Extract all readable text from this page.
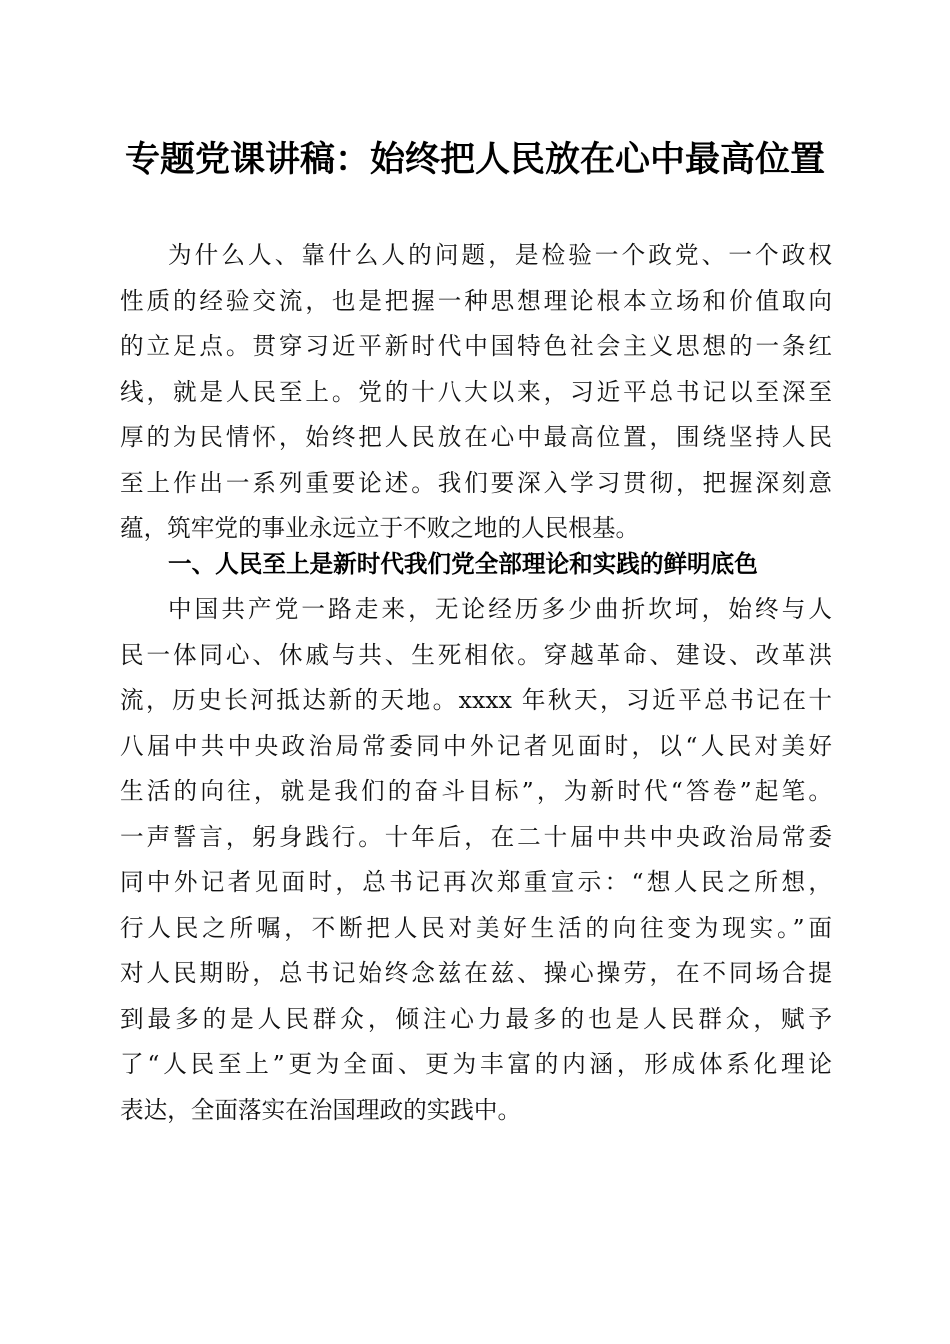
专题党课讲稿：始终把人民放在心中最高位置
为什么人、靠什么人的问题，是检验一个政党、一个政权
性质的经验交流，也是把握一种思想理论根本立场和价值取向
的立足点。贯穿习近平新时代中国特色社会主义思想的一条红
线，就是人民至上。党的十八大以来，习近平总书记以至深至
厚的为民情怀，始终把人民放在心中最高位置，围绕坚持人民
至上作出一系列重要论述。我们要深入学习贯彻，把握深刻意
蕴，筑牢党的事业永远立于不败之地的人民根基。
一、人民至上是新时代我们党全部理论和实践的鲜明底色
中国共产党一路走来，无论经历多少曲折坎坷，始终与人
民一体同心、休戚与共、生死相依。穿越革命、建设、改革洪
流，历史长河抵达新的天地。xxxx 年秋天，习近平总书记在十
八届中共中央政治局常委同中外记者见面时，以“人民对美好
生活的向往，就是我们的奋斗目标”，为新时代“答卷”起笔。
一声誓言，躬身践行。十年后，在二十届中共中央政治局常委
同中外记者见面时，总书记再次郑重宣示：“想人民之所想，
行人民之所嘱，不断把人民对美好生活的向往变为现实。”面
对人民期盼，总书记始终念兹在兹、操心操劳，在不同场合提
到最多的是人民群众，倾注心力最多的也是人民群众，赋予
了“人民至上”更为全面、更为丰富的内涵，形成体系化理论
表达，全面落实在治国理政的实践中。
